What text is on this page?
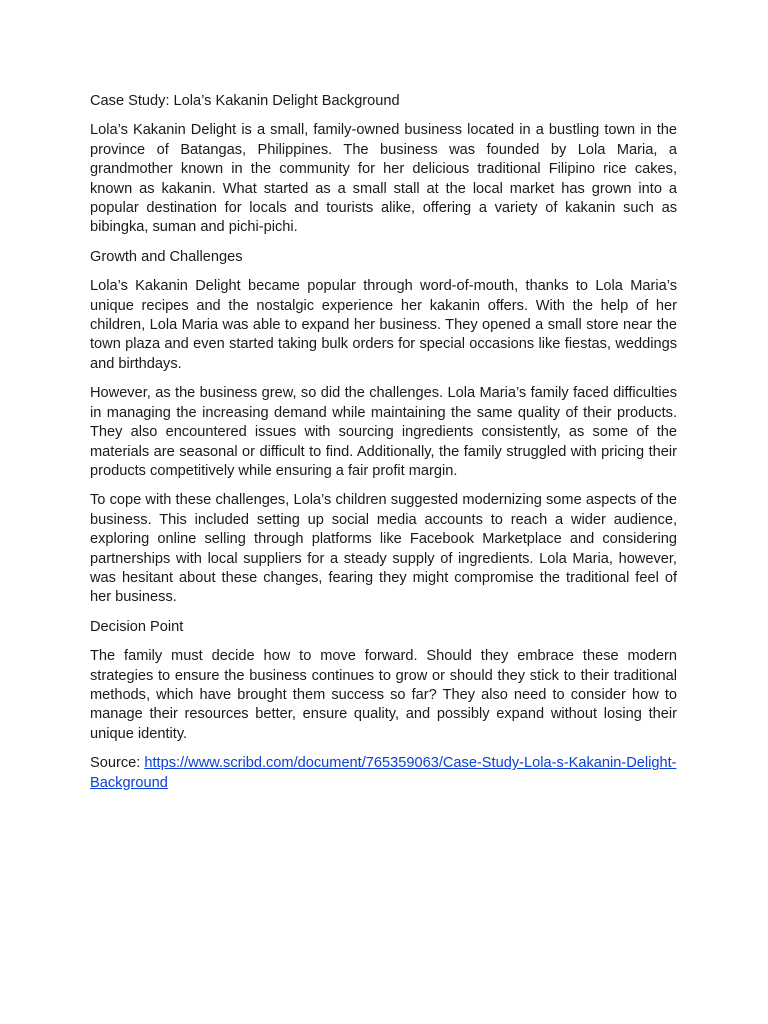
Case Study: Lola’s Kakanin Delight Background

Lola’s Kakanin Delight is a small, family-owned business located in a bustling town in the province of Batangas, Philippines. The business was founded by Lola Maria, a grandmother known in the community for her delicious traditional Filipino rice cakes, known as kakanin. What started as a small stall at the local market has grown into a popular destination for locals and tourists alike, offering a variety of kakanin such as bibingka, suman and pichi-pichi.

Growth and Challenges

Lola’s Kakanin Delight became popular through word-of-mouth, thanks to Lola Maria’s unique recipes and the nostalgic experience her kakanin offers. With the help of her children, Lola Maria was able to expand her business. They opened a small store near the town plaza and even started taking bulk orders for special occasions like fiestas, weddings and birthdays.

However, as the business grew, so did the challenges. Lola Maria’s family faced difficulties in managing the increasing demand while maintaining the same quality of their products. They also encountered issues with sourcing ingredients consistently, as some of the materials are seasonal or difficult to find. Additionally, the family struggled with pricing their products competitively while ensuring a fair profit margin.

To cope with these challenges, Lola’s children suggested modernizing some aspects of the business. This included setting up social media accounts to reach a wider audience, exploring online selling through platforms like Facebook Marketplace and considering partnerships with local suppliers for a steady supply of ingredients. Lola Maria, however, was hesitant about these changes, fearing they might compromise the traditional feel of her business.

Decision Point

The family must decide how to move forward. Should they embrace these modern strategies to ensure the business continues to grow or should they stick to their traditional methods, which have brought them success so far? They also need to consider how to manage their resources better, ensure quality, and possibly expand without losing their unique identity.

Source: https://www.scribd.com/document/765359063/Case-Study-Lola-s-Kakanin-Delight-Background
